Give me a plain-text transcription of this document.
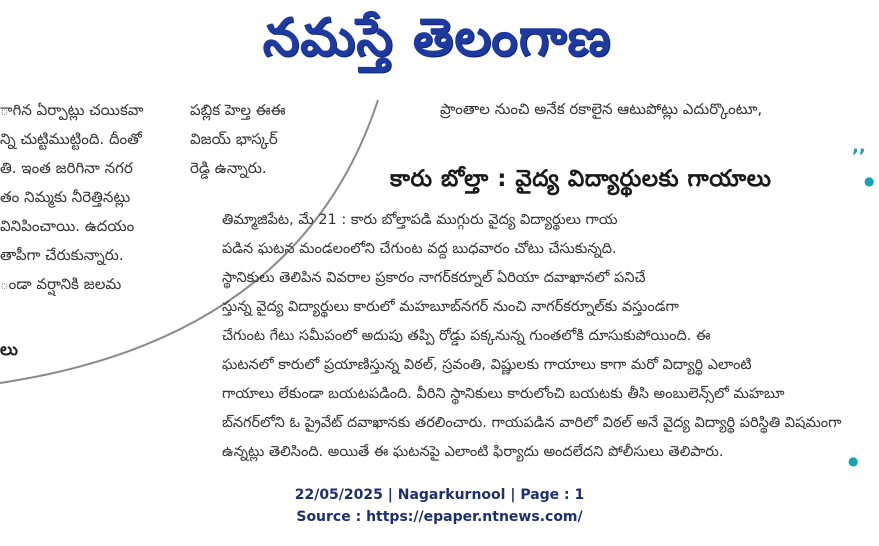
నమస్తే తెలంగాణ
ాగిన ఏర్పాట్లు చయికవా
న్ని చుట్టిముట్టింది. దీంతో
తి. ఇంత జరిగినా నగర
తం నిమ్మకు నీరెత్తినట్లు
వినిపించాయి. ఉదయం
తాపీగా చేరుకున్నారు.
ండా వర్షానికి జలమ
లు
పబ్లిక హెల్త ఈఈ
విజయ్ భాస్కర్
రెడ్డి ఉన్నారు.
ప్రాంతాల నుంచి అనేక రకాలైన ఆటుపోట్లు ఎదుర్కొంటూ,
,,
●
●
కారు బోల్తా : వైద్య విద్యార్థులకు గాయాలు
తిమ్మాజిపేట, మే 21 : కారు బోల్తాపడి ముగ్గురు వైద్య విద్యార్థులు గాయ
పడిన ఘటన మండలంలోని చేగుంట వద్ద బుధవారం చోటు చేసుకున్నది.
స్థానికులు తెలిపిన వివరాల ప్రకారం నాగర్‌కర్నూల్ ఏరియా దవాఖానలో పనిచే
స్తున్న వైద్య విద్యార్థులు కారులో మహబూబ్‌నగర్ నుంచి నాగర్‌కర్నూల్‌కు వస్తుండగా
చేగుంట గేటు సమీపంలో అదుపు తప్పి రోడ్డు పక్కనున్న గుంతలోకి దూసుకుపోయింది. ఈ
ఘటనలో కారులో ప్రయాణిస్తున్న విఠల్, స్రవంతి, విష్ణులకు గాయాలు కాగా మరో విద్యార్థి ఎలాంటి
గాయాలు లేకుండా బయటపడింది. వీరిని స్థానికులు కారులోంచి బయటకు తీసి అంబులెన్స్‌లో మహబూ
బ్‌నగర్‌లోని ఓ ప్రైవేట్ దవాఖానకు తరలించారు. గాయపడిన వారిలో విఠల్ అనే వైద్య విద్యార్థి పరిస్థితి విషమంగా
ఉన్నట్లు తెలిసింది. అయితే ఈ ఘటనపై ఎలాంటి ఫిర్యాదు అందలేదని పోలీసులు తెలిపారు.
22/05/2025 | Nagarkurnool | Page : 1
Source : https://epaper.ntnews.com/
